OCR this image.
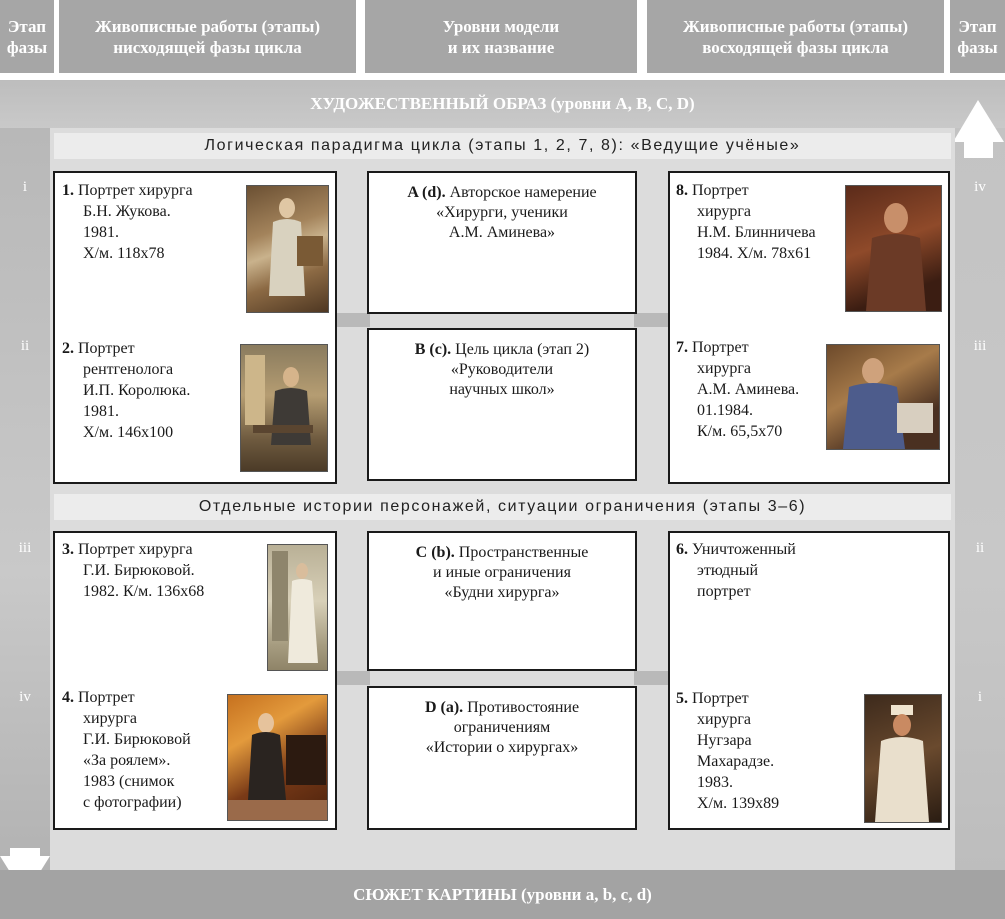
Этап
фазы
Живописные работы (этапы)
нисходящей фазы цикла
Уровни модели
и их название
Живописные работы (этапы)
восходящей фазы цикла
Этап
фазы
ХУДОЖЕСТВЕННЫЙ ОБРАЗ (уровни А, В, С, D)
Логическая парадигма цикла (этапы 1, 2, 7, 8): «Ведущие учёные»
Отдельные истории персонажей, ситуации ограничения (этапы 3–6)
A (d). Авторское намерение
«Хирурги, ученики
А.М. Аминева»
B (c). Цель цикла (этап 2)
«Руководители
научных школ»
C (b). Пространственные
и иные ограничения
«Будни хирурга»
D (a). Противостояние
ограничениям
«Истории о хирургах»
1. Портрет хирурга
Б.Н. Жукова.
1981.
Х/м. 118х78
2. Портрет
рентгенолога
И.П. Королюка.
1981.
Х/м. 146х100
3. Портрет хирурга
Г.И. Бирюковой.
1982. К/м. 136х68
4. Портрет
хирурга
Г.И. Бирюковой
«За роялем».
1983 (снимок
с фотографии)
8. Портрет
хирурга
Н.М. Блинничева
1984. Х/м. 78х61
7. Портрет
хирурга
А.М. Аминева.
01.1984.
К/м. 65,5х70
6. Уничтоженный
этюдный
портрет
5. Портрет
хирурга
Нугзара
Махарадзе.
1983.
Х/м. 139х89
i
ii
iii
iv
iv
iii
ii
i
СЮЖЕТ КАРТИНЫ (уровни a, b, c, d)
